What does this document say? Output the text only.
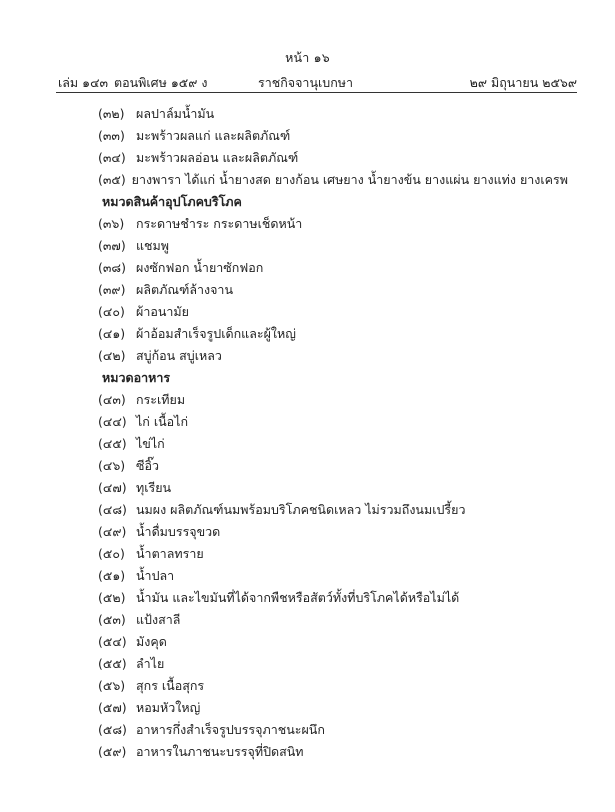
หน้า ๑๖
เล่ม ๑๔๓ ตอนพิเศษ ๑๕๙ ง	ราชกิจจานุเบกษา	๒๙ มิถุนายน ๒๕๖๙
(๓๒) ผลปาล์มน้ำมัน
(๓๓) มะพร้าวผลแก่ และผลิตภัณฑ์
(๓๔) มะพร้าวผลอ่อน และผลิตภัณฑ์
(๓๕) ยางพารา ได้แก่ น้ำยางสด ยางก้อน เศษยาง น้ำยางข้น ยางแผ่น ยางแท่ง ยางเครพ
หมวดสินค้าอุปโภคบริโภค
(๓๖) กระดาษชำระ กระดาษเช็ดหน้า
(๓๗) แชมพู
(๓๘) ผงซักฟอก น้ำยาซักฟอก
(๓๙) ผลิตภัณฑ์ล้างจาน
(๔๐) ผ้าอนามัย
(๔๑) ผ้าอ้อมสำเร็จรูปเด็กและผู้ใหญ่
(๔๒) สบู่ก้อน สบู่เหลว
หมวดอาหาร
(๔๓) กระเทียม
(๔๔) ไก่ เนื้อไก่
(๔๕) ไข่ไก่
(๔๖) ซีอิ๊ว
(๔๗) ทุเรียน
(๔๘) นมผง ผลิตภัณฑ์นมพร้อมบริโภคชนิดเหลว ไม่รวมถึงนมเปรี้ยว
(๔๙) น้ำดื่มบรรจุขวด
(๕๐) น้ำตาลทราย
(๕๑) น้ำปลา
(๕๒) น้ำมัน และไขมันที่ได้จากพืชหรือสัตว์ทั้งที่บริโภคได้หรือไม่ได้
(๕๓) แป้งสาลี
(๕๔) มังคุด
(๕๕) ลำไย
(๕๖) สุกร เนื้อสุกร
(๕๗) หอมหัวใหญ่
(๕๘) อาหารกึ่งสำเร็จรูปบรรจุภาชนะผนึก
(๕๙) อาหารในภาชนะบรรจุที่ปิดสนิท
